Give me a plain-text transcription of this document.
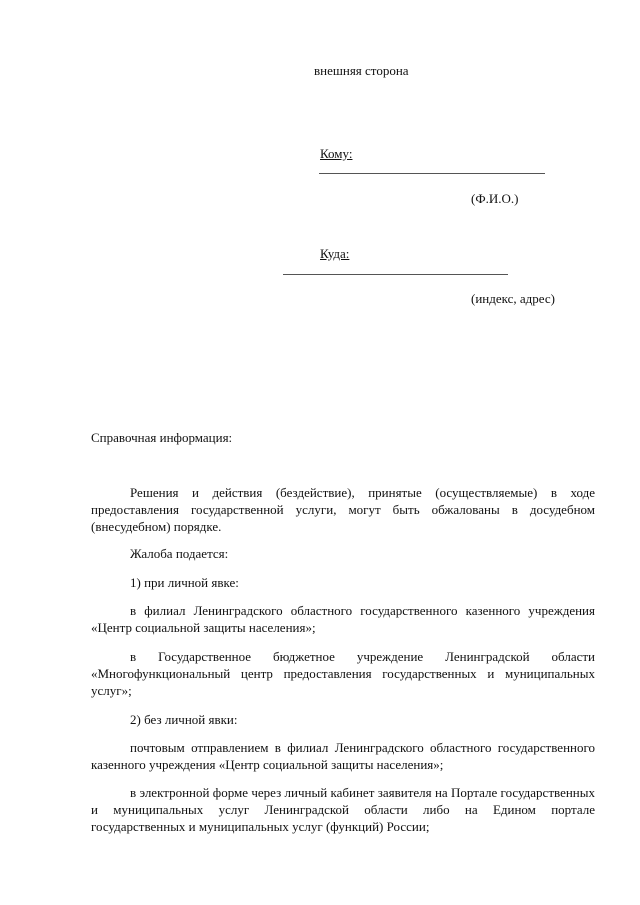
внешняя сторона
Кому:
(Ф.И.О.)
Куда:
(индекс, адрес)
Справочная информация:
Решения и действия (бездействие), принятые (осуществляемые) в ходе предоставления государственной услуги, могут быть обжалованы в досудебном (внесудебном) порядке.
Жалоба подается:
1) при личной явке:
в филиал Ленинградского областного государственного казенного учреждения «Центр социальной защиты населения»;
в Государственное бюджетное учреждение Ленинградской области «Многофункциональный центр предоставления государственных и муниципальных услуг»;
2) без личной явки:
почтовым отправлением в филиал Ленинградского областного государственного казенного учреждения «Центр социальной защиты населения»;
в электронной форме через личный кабинет заявителя на Портале государственных и муниципальных услуг Ленинградской области либо на Едином портале государственных и муниципальных услуг (функций) России;
